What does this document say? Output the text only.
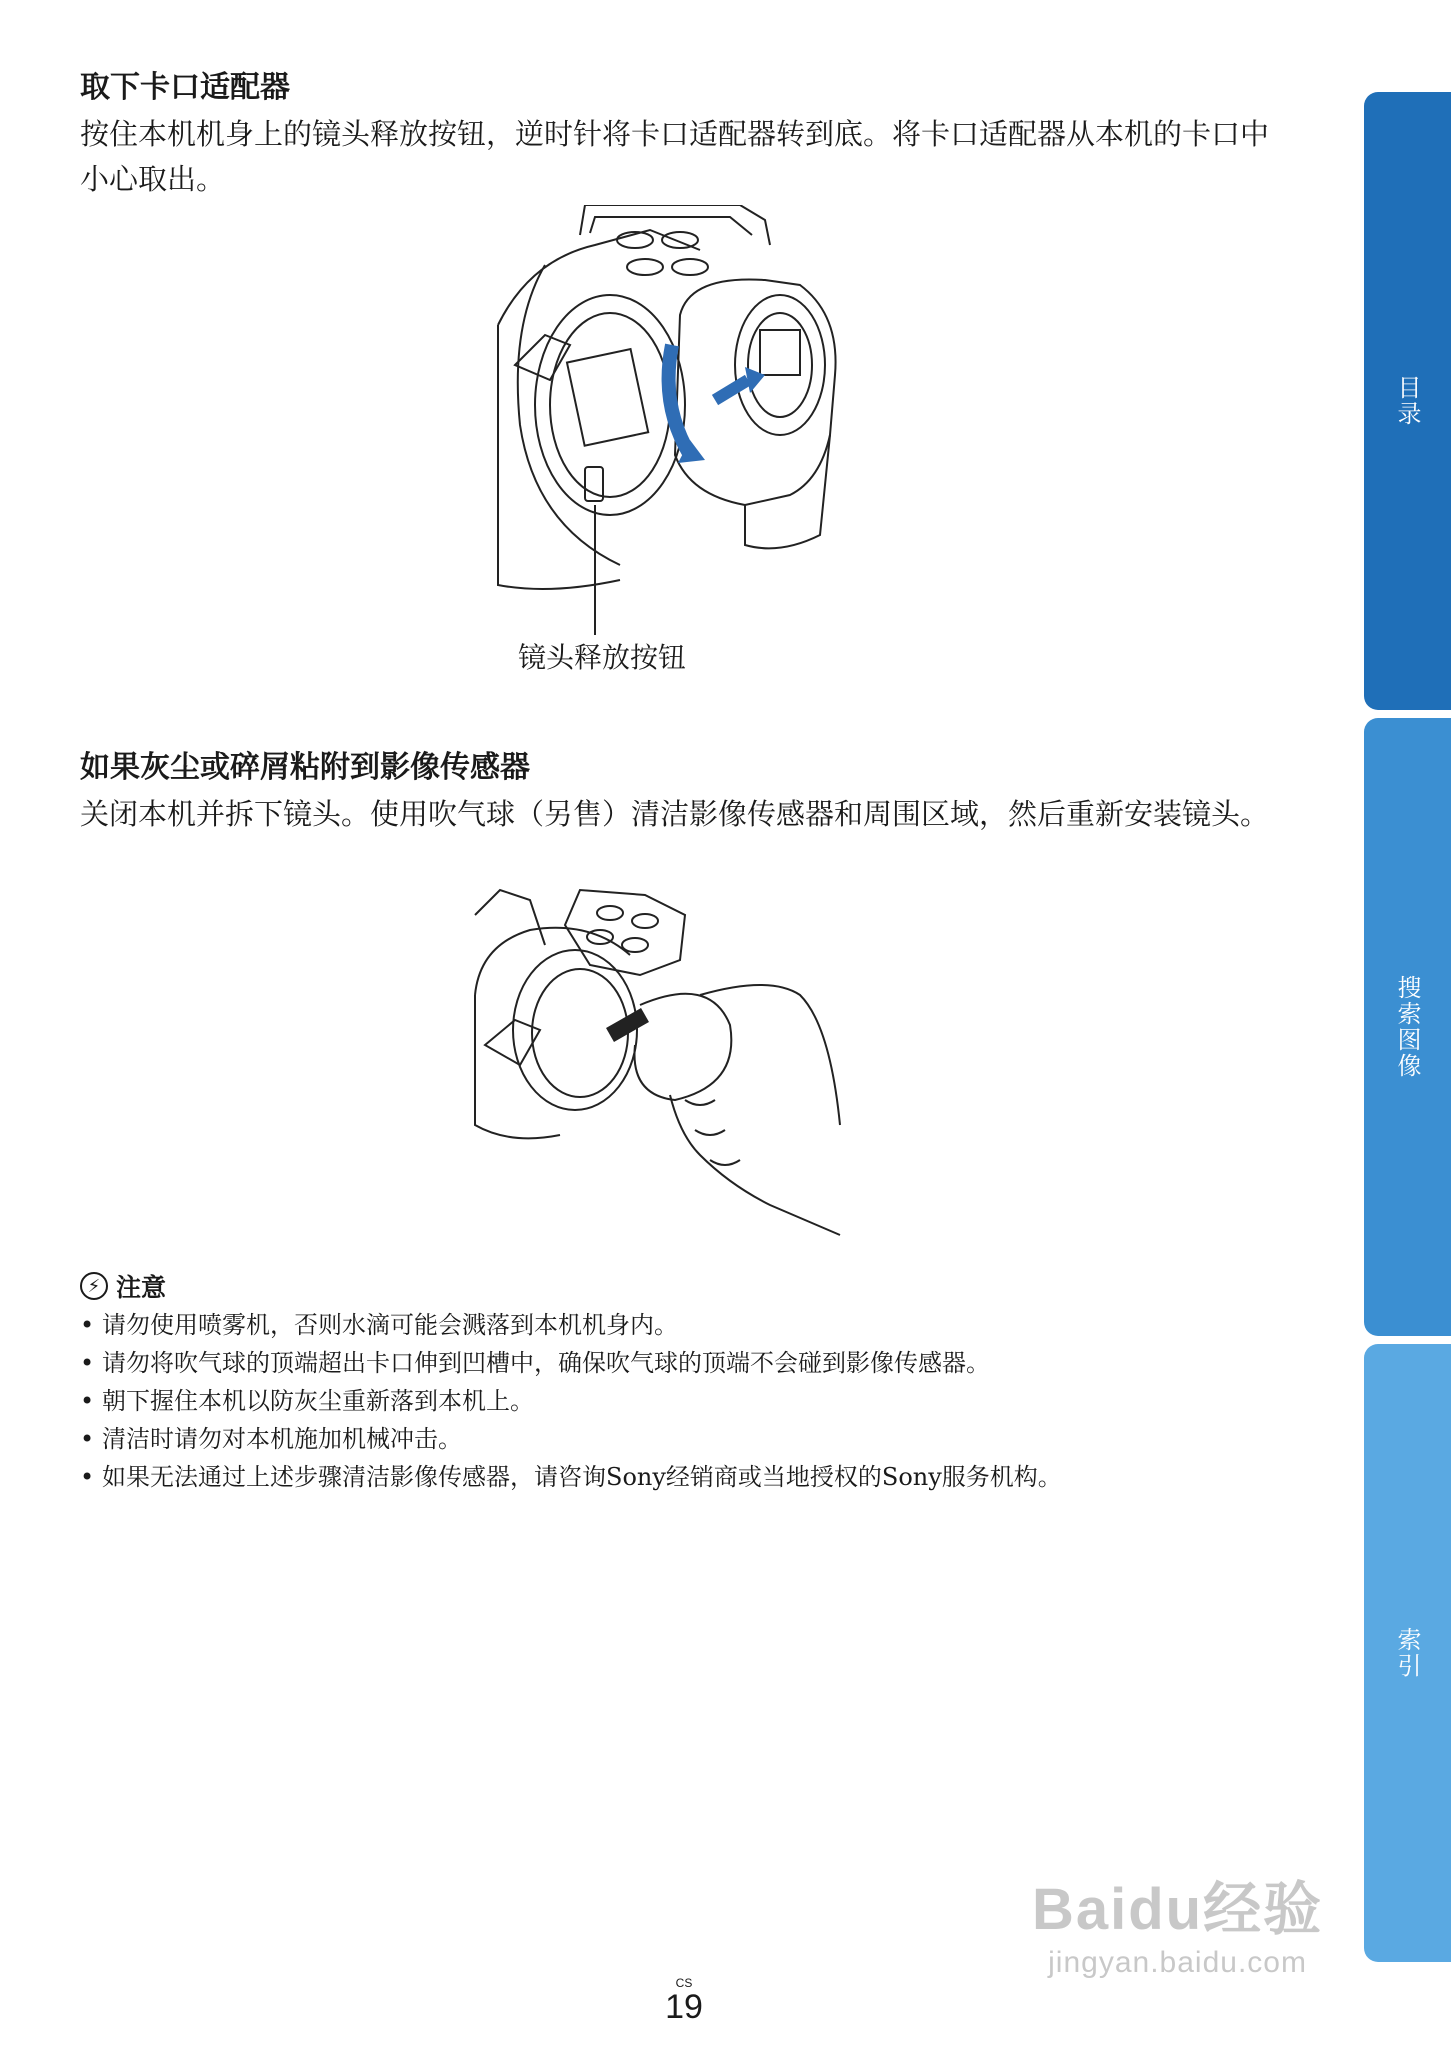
取下卡口适配器

按住本机机身上的镜头释放按钮，逆时针将卡口适配器转到底。将卡口适配器从本机的卡口中小心取出。

镜头释放按钮
如果灰尘或碎屑粘附到影像传感器

关闭本机并拆下镜头。使用吹气球（另售）清洁影像传感器和周围区域，然后重新安装镜头。

⚡ 注意
• 请勿使用喷雾机，否则水滴可能会溅落到本机机身内。
• 请勿将吹气球的顶端超出卡口伸到凹槽中，确保吹气球的顶端不会碰到影像传感器。
• 朝下握住本机以防灰尘重新落到本机上。
• 清洁时请勿对本机施加机械冲击。
• 如果无法通过上述步骤清洁影像传感器，请咨询Sony经销商或当地授权的Sony服务机构。
目录
搜索图像
索引
CS
19
Baidu经验
jingyan.baidu.com
